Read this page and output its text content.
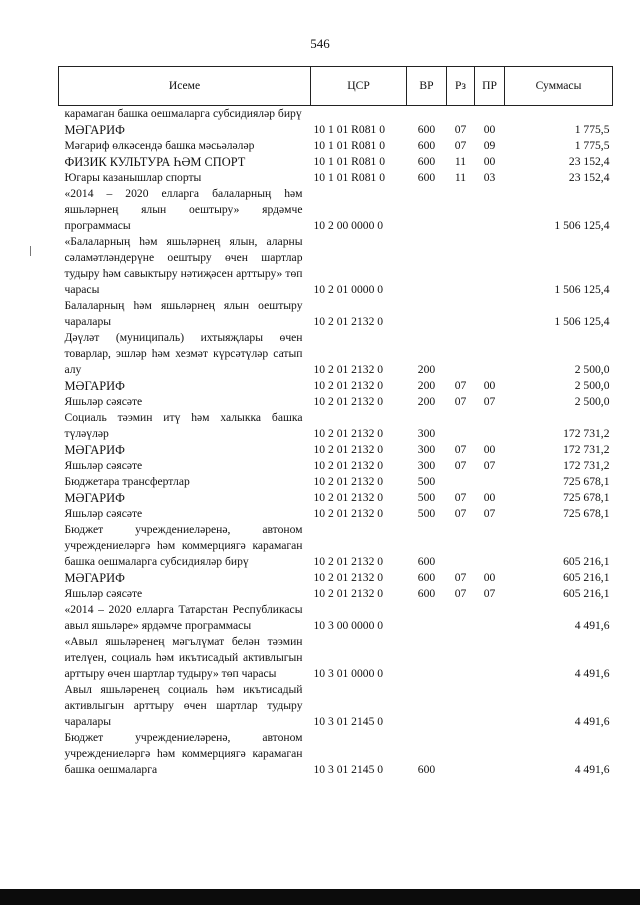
546
Исеме	ЦСР	ВР	Рз	ПР	Суммасы
карамаган башка оешмаларга субсидияләр бирү					
МӘГАРИФ	10 1 01 R081 0	600	07	00	1 775,5
Мәгариф өлкәсендә башка мәсьәләләр	10 1 01 R081 0	600	07	09	1 775,5
ФИЗИК КУЛЬТУРА ҺӘМ СПОРТ	10 1 01 R081 0	600	11	00	23 152,4
Югары казанышлар спорты	10 1 01 R081 0	600	11	03	23 152,4
«2014 – 2020 елларга балаларның һәм яшьләрнең ялын оештыру» ярдәмче программасы	10 2 00 0000 0				1 506 125,4
«Балаларның һәм яшьләрнең ялын, аларны сәламәтләндерүне оештыру өчен шартлар тудыру һәм савыктыру нәтиҗәсен арттыру» төп чарасы	10 2 01 0000 0				1 506 125,4
Балаларның һәм яшьләрнең ялын оештыру чаралары	10 2 01 2132 0				1 506 125,4
Дәүләт (муниципаль) ихтыяҗлары өчен товарлар, эшләр һәм хезмәт күрсәтүләр сатып алу	10 2 01 2132 0	200			2 500,0
МӘГАРИФ	10 2 01 2132 0	200	07	00	2 500,0
Яшьләр сәясәте	10 2 01 2132 0	200	07	07	2 500,0
Социаль тәэмин итү һәм халыкка башка түләүләр	10 2 01 2132 0	300			172 731,2
МӘГАРИФ	10 2 01 2132 0	300	07	00	172 731,2
Яшьләр сәясәте	10 2 01 2132 0	300	07	07	172 731,2
Бюджетара трансфертлар	10 2 01 2132 0	500			725 678,1
МӘГАРИФ	10 2 01 2132 0	500	07	00	725 678,1
Яшьләр сәясәте	10 2 01 2132 0	500	07	07	725 678,1
Бюджет учреждениеләренә, автоном учреждениеләргә һәм коммерциягә карамаган башка оешмаларга субсидияләр бирү	10 2 01 2132 0	600			605 216,1
МӘГАРИФ	10 2 01 2132 0	600	07	00	605 216,1
Яшьләр сәясәте	10 2 01 2132 0	600	07	07	605 216,1
«2014 – 2020 елларга Татарстан Республикасы авыл яшьләре» ярдәмче программасы	10 3 00 0000 0				4 491,6
«Авыл яшьләренең мәгълүмат белән тәэмин ителүен, социаль һәм икътисадый активлыгын арттыру өчен шартлар тудыру» төп чарасы	10 3 01 0000 0				4 491,6
Авыл яшьләренең социаль һәм икътисадый активлыгын арттыру өчен шартлар тудыру чаралары	10 3 01 2145 0				4 491,6
Бюджет учреждениеләренә, автоном учреждениеләргә һәм коммерциягә карамаган башка оешмаларга	10 3 01 2145 0	600			4 491,6
